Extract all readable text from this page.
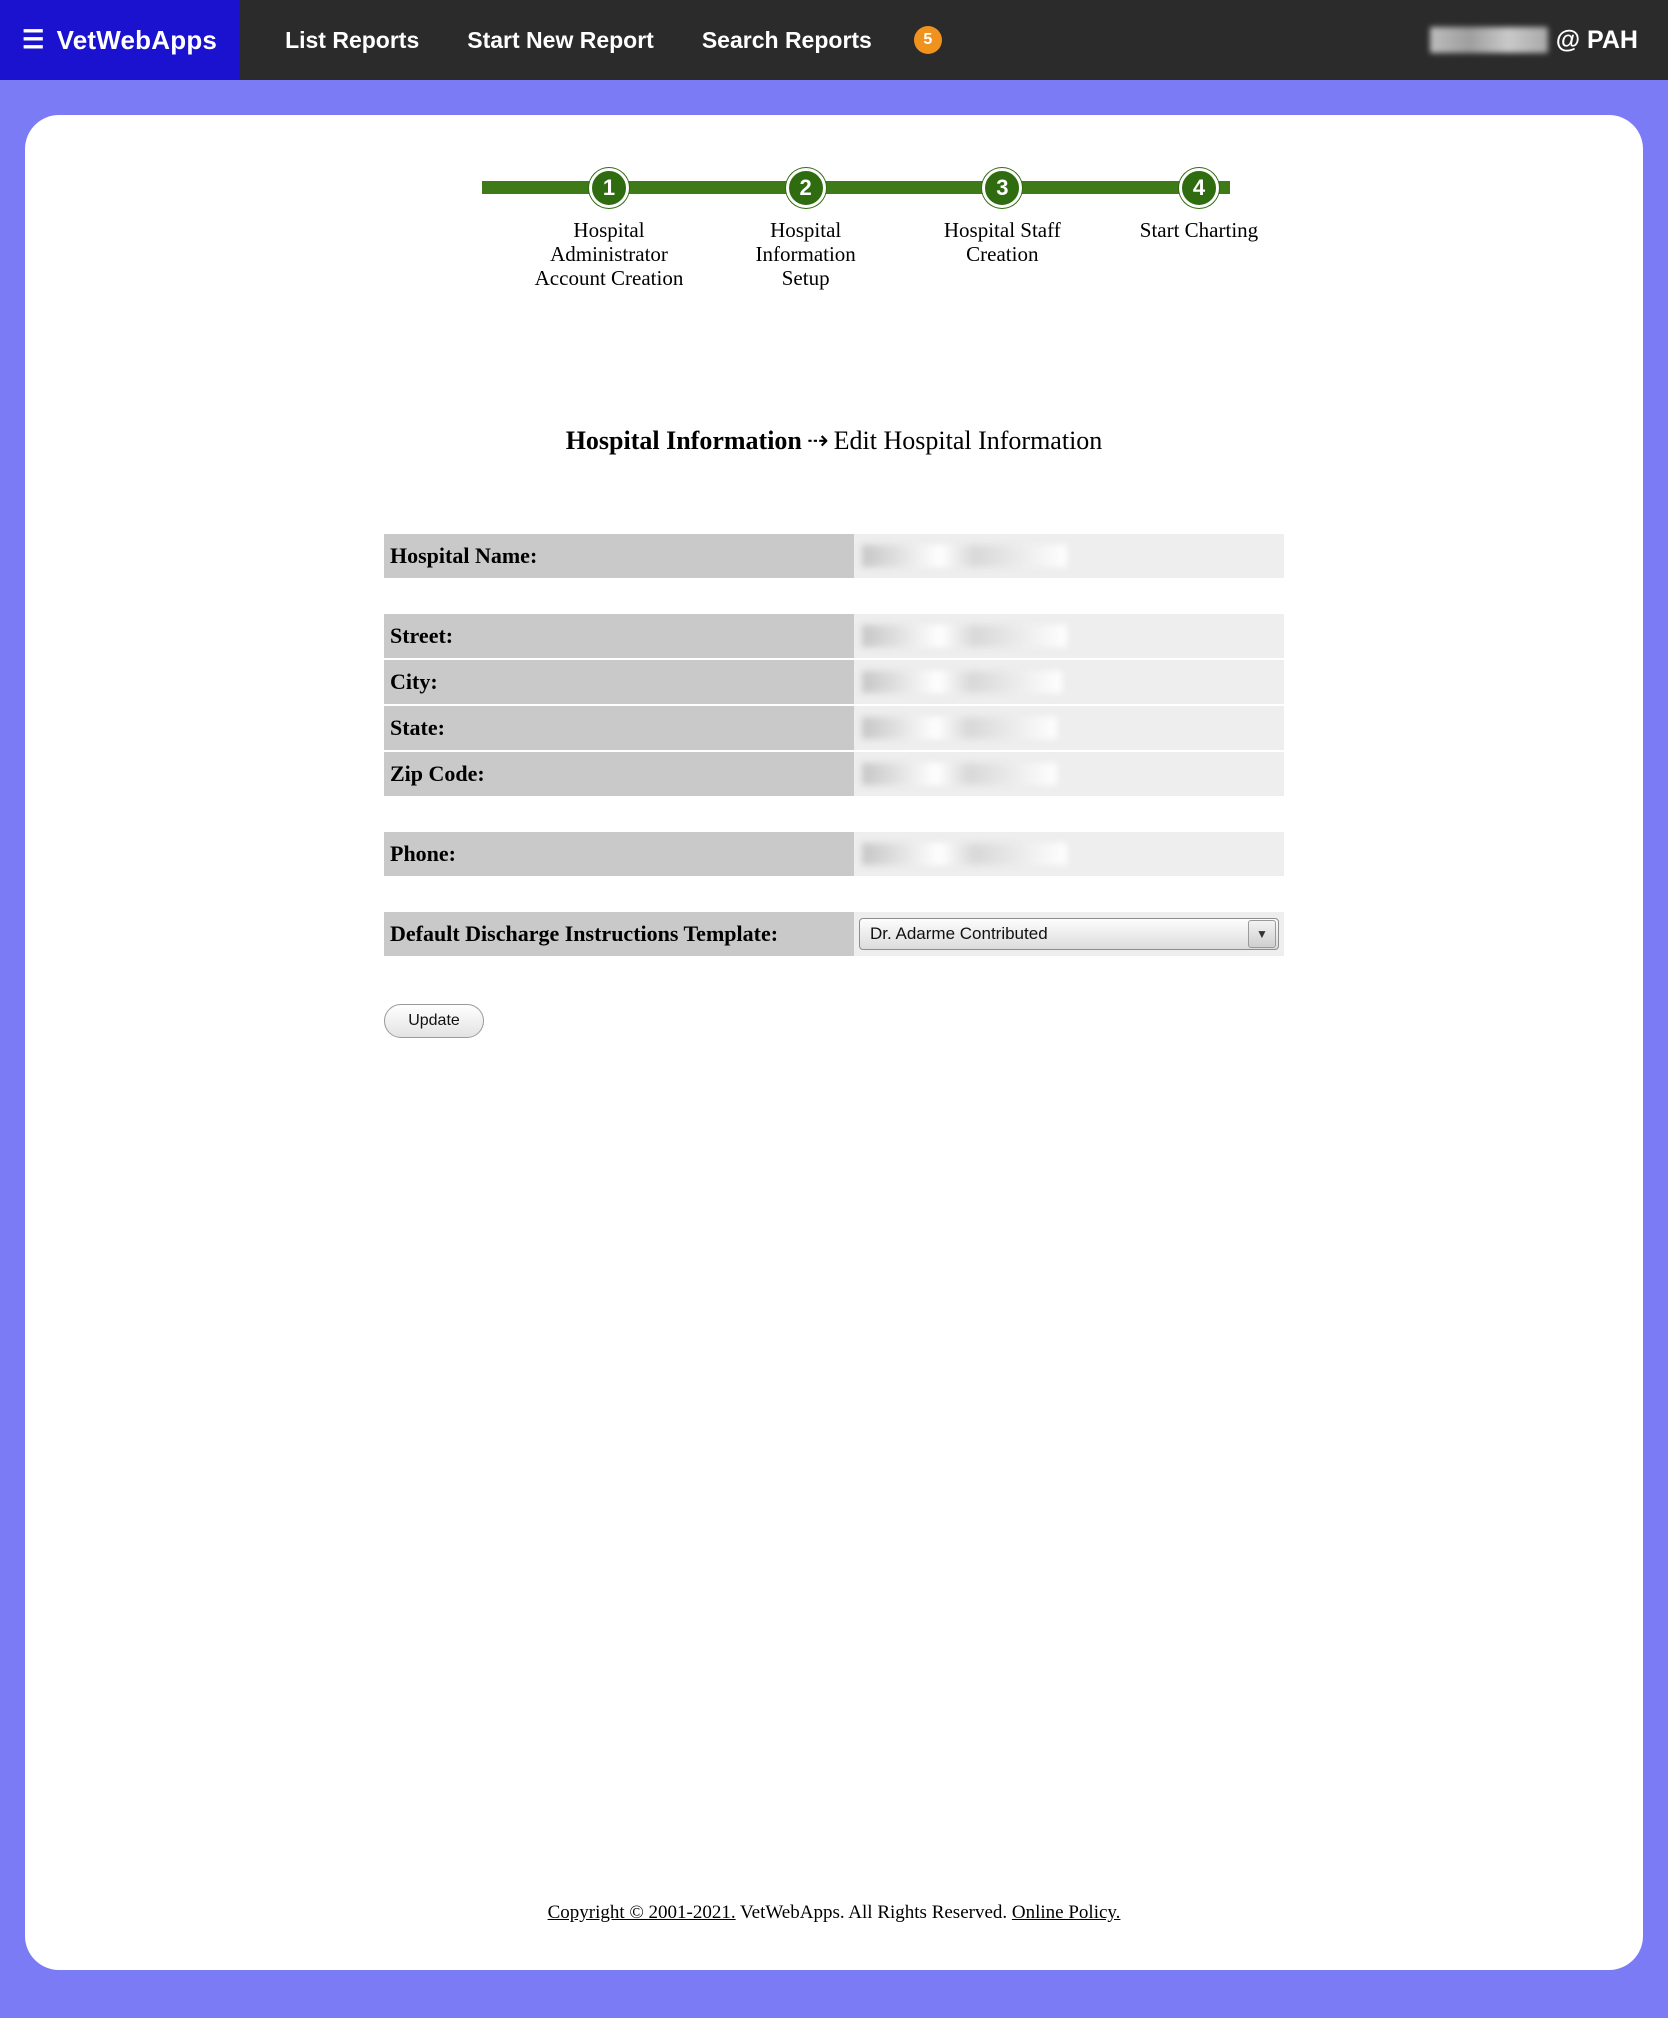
☰ VetWebApps	List Reports	Start New Report	Search Reports	5	@ PAH
1
Hospital Administrator Account Creation
2
Hospital Information Setup
3
Hospital Staff Creation
4
Start Charting
Hospital Information ⇢ Edit Hospital Information
Hospital Name:
Street:
City:
State:
Zip Code:
Phone:
Default Discharge Instructions Template:	Dr. Adarme Contributed	▼
Update
Copyright © 2001-2021. VetWebApps. All Rights Reserved. Online Policy.
